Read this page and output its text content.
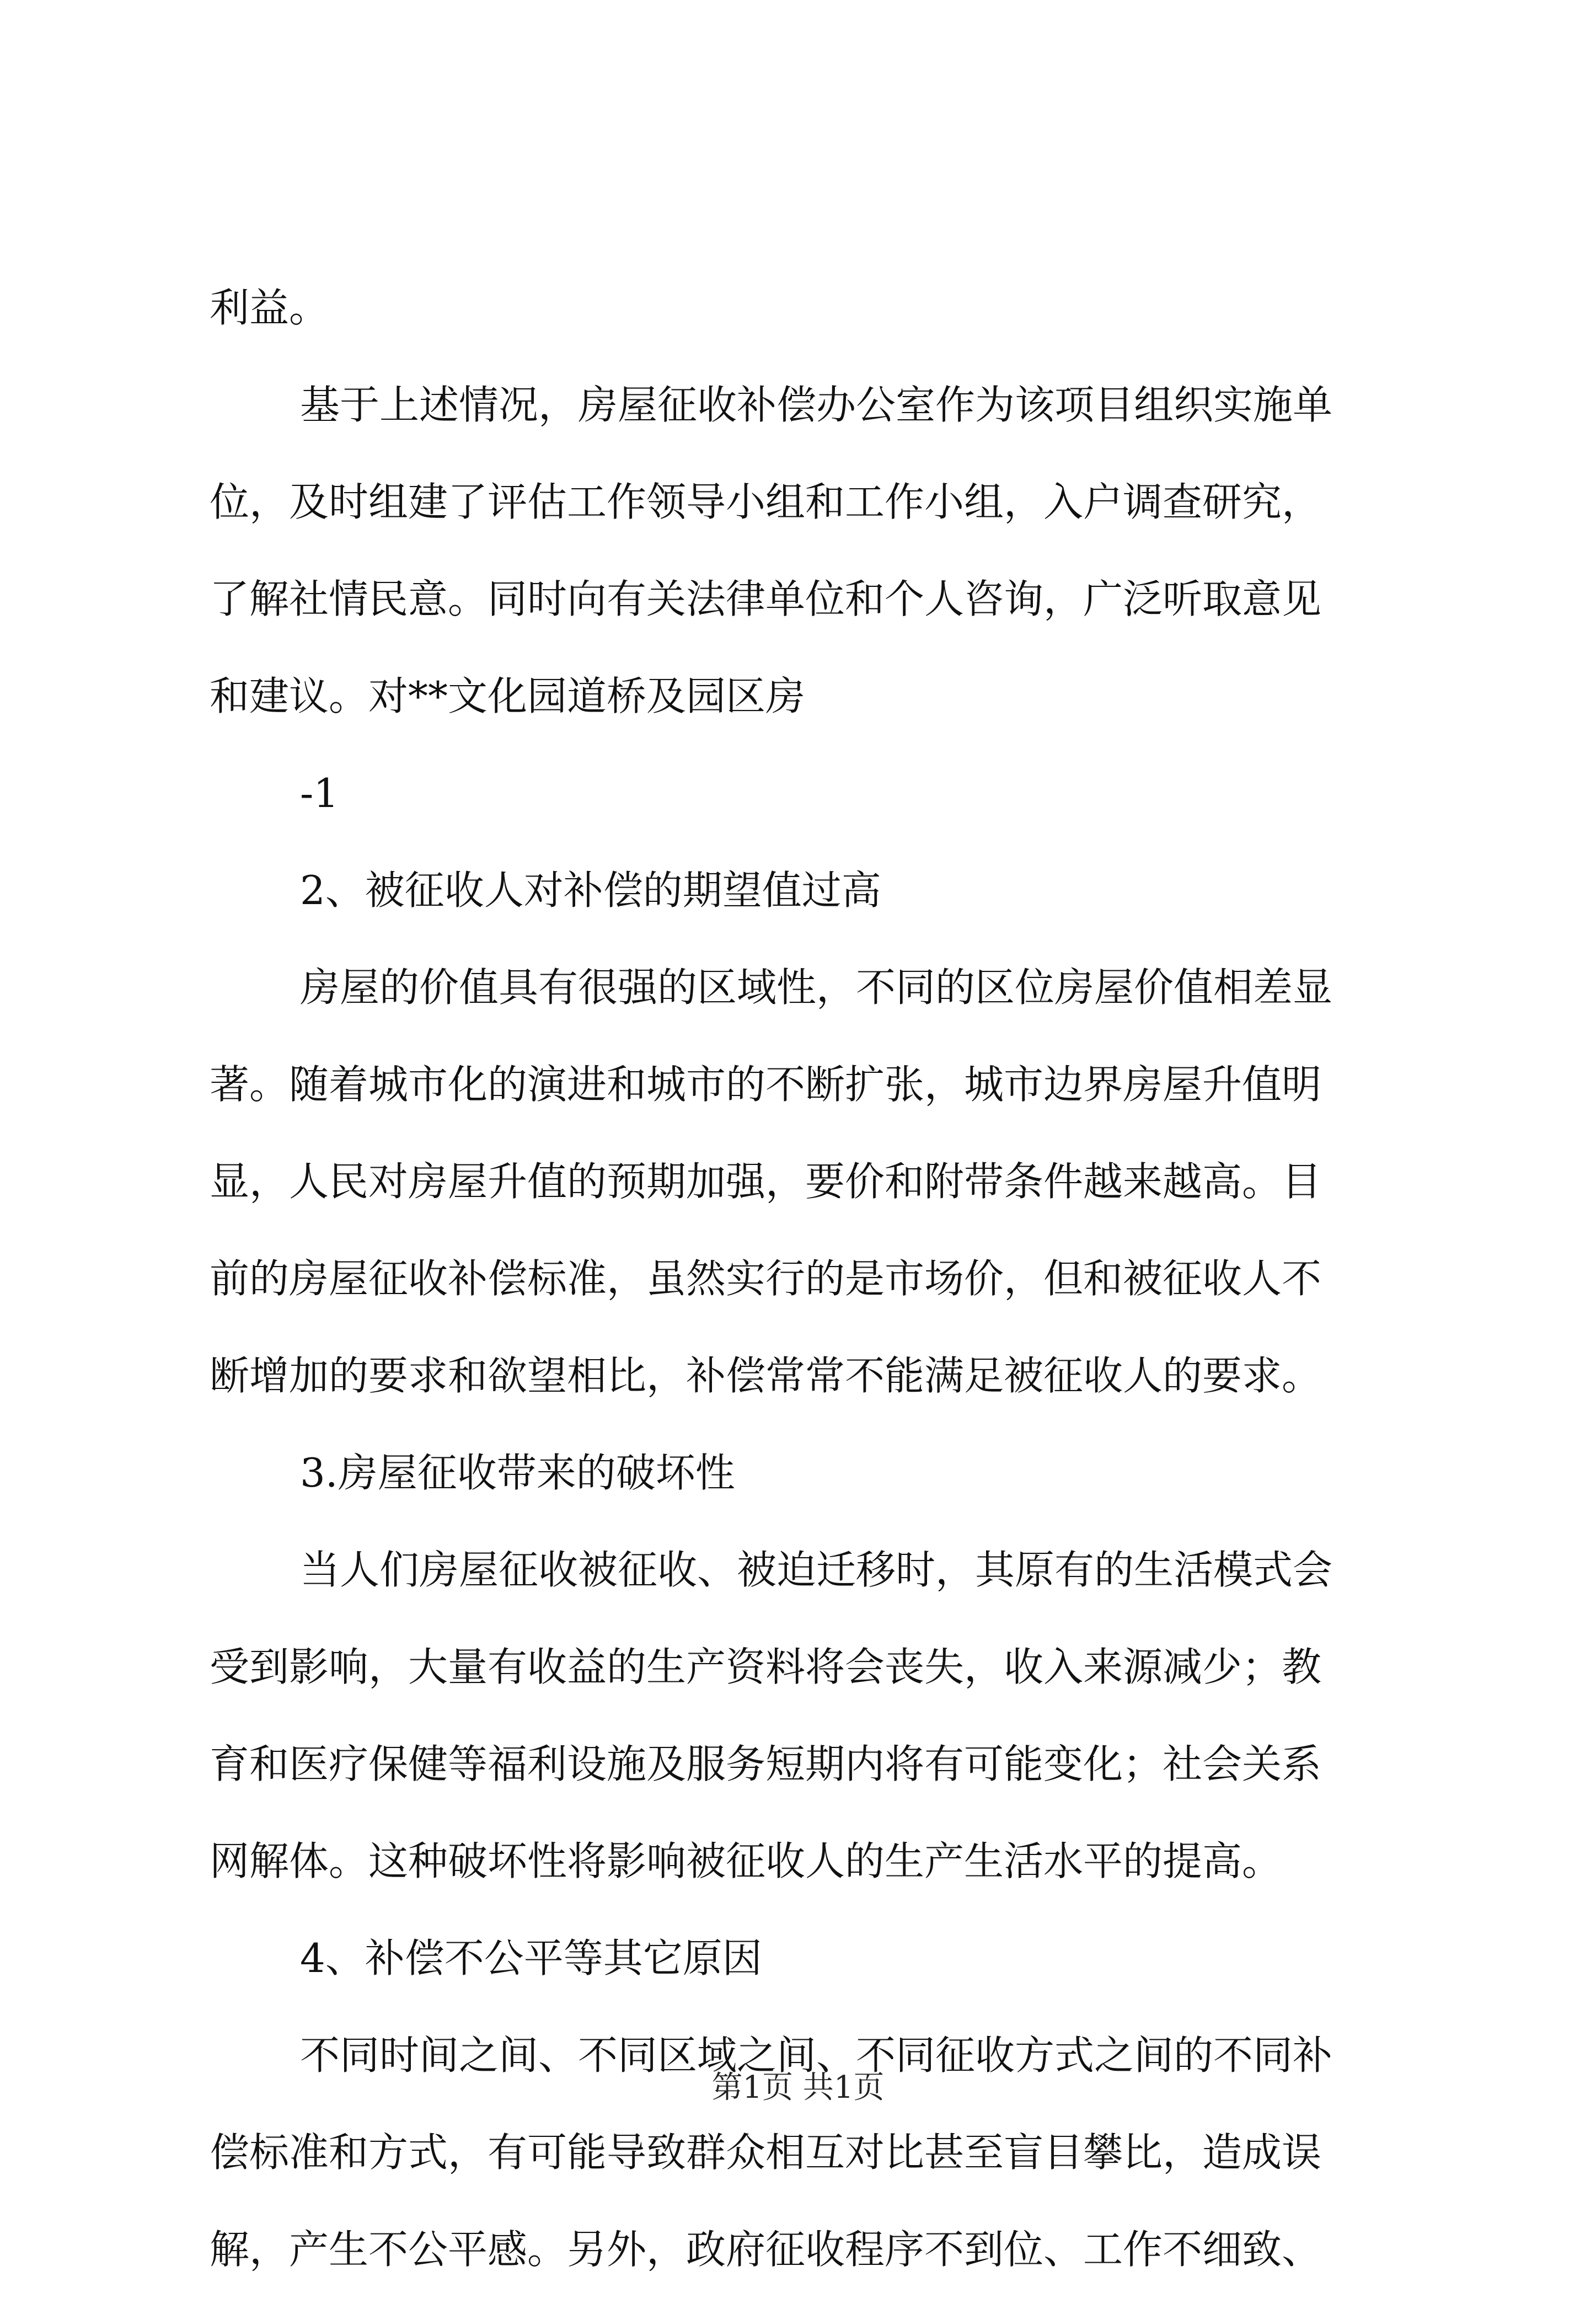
利益。
基于上述情况，房屋征收补偿办公室作为该项目组织实施单
位，及时组建了评估工作领导小组和工作小组，入户调查研究，
了解社情民意。同时向有关法律单位和个人咨询，广泛听取意见
和建议。对**文化园道桥及园区房
-1
2、被征收人对补偿的期望值过高
房屋的价值具有很强的区域性，不同的区位房屋价值相差显
著。随着城市化的演进和城市的不断扩张，城市边界房屋升值明
显，人民对房屋升值的预期加强，要价和附带条件越来越高。目
前的房屋征收补偿标准，虽然实行的是市场价，但和被征收人不
断增加的要求和欲望相比，补偿常常不能满足被征收人的要求。
3.房屋征收带来的破坏性
当人们房屋征收被征收、被迫迁移时，其原有的生活模式会
受到影响，大量有收益的生产资料将会丧失，收入来源减少；教
育和医疗保健等福利设施及服务短期内将有可能变化；社会关系
网解体。这种破坏性将影响被征收人的生产生活水平的提高。
4、补偿不公平等其它原因
不同时间之间、不同区域之间、不同征收方式之间的不同补
偿标准和方式，有可能导致群众相互对比甚至盲目攀比，造成误
解，产生不公平感。另外，政府征收程序不到位、工作不细致、
第1页 共1页
